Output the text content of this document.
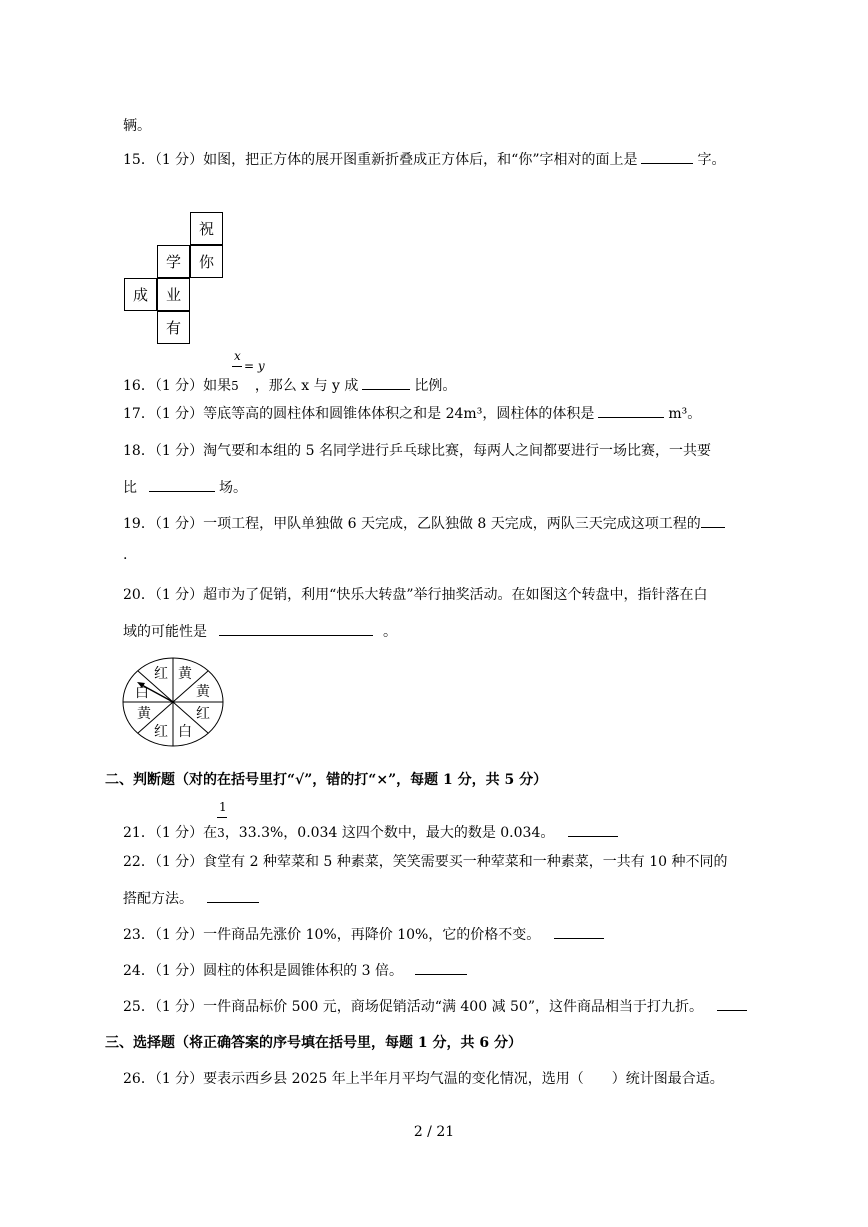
辆。
15．（1 分）如图，把正方体的展开图重新折叠成正方体后，和“你”字相对的面上是	字。
祝
学	你
成	业
有
x
= y
16．（1 分）如果5 ，那么 x 与 y 成	比例。
17．（1 分）等底等高的圆柱体和圆锥体体积之和是 24m³，圆柱体的体积是	m³。
18．（1 分）淘气要和本组的 5 名同学进行乒乓球比赛，每两人之间都要进行一场比赛，一共要
比	场。
19．（1 分）一项工程，甲队单独做 6 天完成，乙队独做 8 天完成，两队三天完成这项工程的
.
20．（1 分）超市为了促销，利用“快乐大转盘”举行抽奖活动。在如图这个转盘中，指针落在白
域的可能性是	。
红 黄
黄
红
白
红
黄
白
二、判断题（对的在括号里打“√”，错的打“×”，每题 1 分，共 5 分）
1
21．（1 分）在3，33.3%，0.034 这四个数中，最大的数是 0.034。
22．（1 分）食堂有 2 种荤菜和 5 种素菜，笑笑需要买一种荤菜和一种素菜，一共有 10 种不同的
搭配方法。
23．（1 分）一件商品先涨价 10%，再降价 10%，它的价格不变。
24．（1 分）圆柱的体积是圆锥体积的 3 倍。
25．（1 分）一件商品标价 500 元，商场促销活动“满 400 减 50”，这件商品相当于打九折。
三、选择题（将正确答案的序号填在括号里，每题 1 分，共 6 分）
26．（1 分）要表示西乡县 2025 年上半年月平均气温的变化情况，选用（　　）统计图最合适。
2 / 21
